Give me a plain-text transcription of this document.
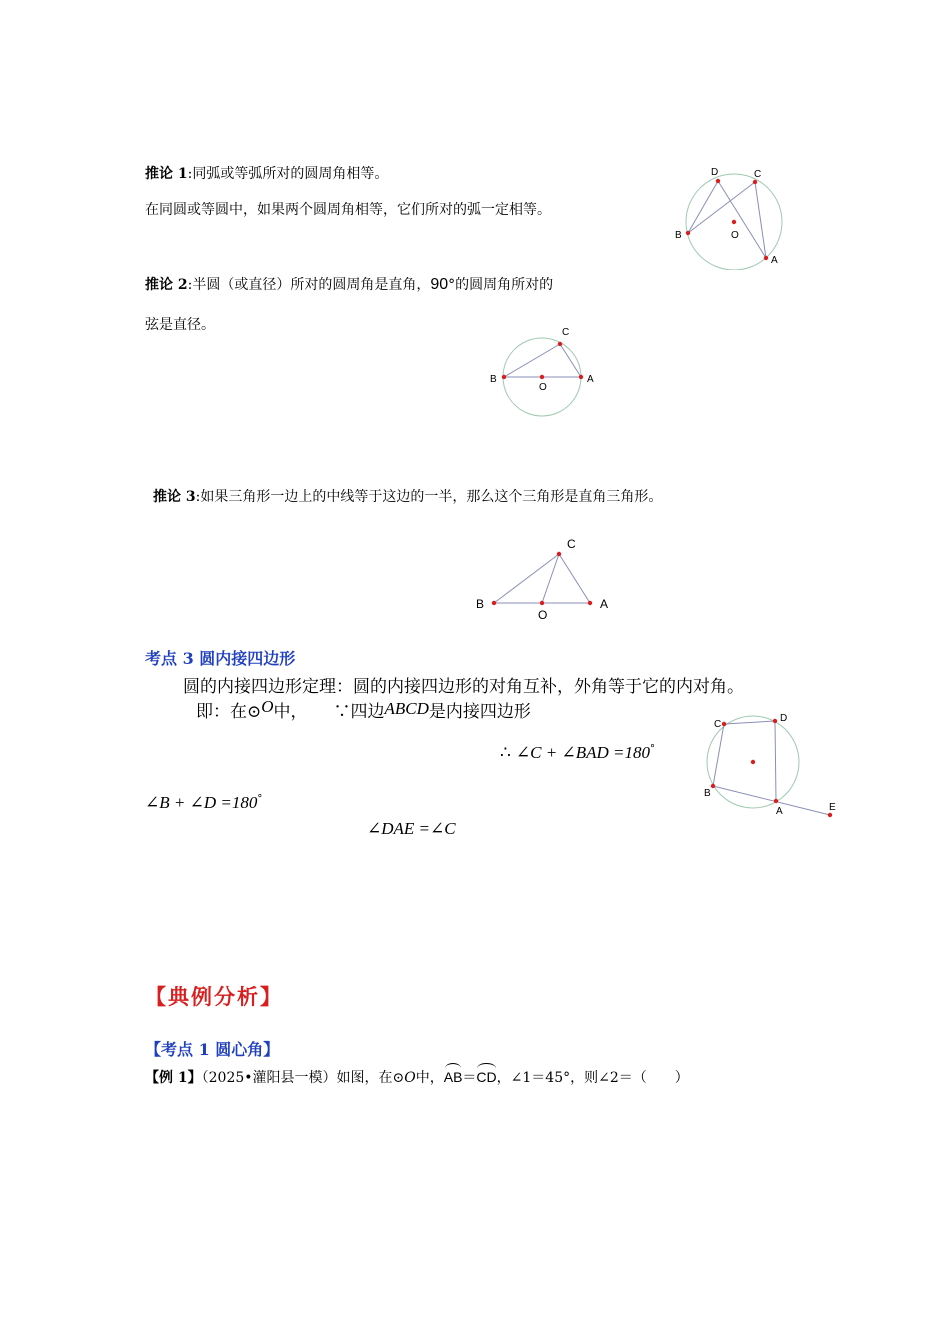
推论 1:同弧或等弧所对的圆周角相等。
在同圆或等圆中，如果两个圆周角相等，它们所对的弧一定相等。
D	C
B	O
A
推论 2:半圆（或直径）所对的圆周角是直角，90°的圆周角所对的
弦是直径。	C
B
O
A
推论 3:如果三角形一边上的中线等于这边的一半，那么这个三角形是直角三角形。
C
B
O
A
考点 3 圆内接四边形
圆的内接四边形定理：圆的内接四边形的对角互补，外角等于它的内对角。
即：在⊙O中， ∵四边ABCD是内接四边形
∴ ∠C + ∠BAD =180°
∠B + ∠D =180°
∠DAE =∠C
C
D
B
A	E
【典例分析】
【考点 1 圆心角】
【例 1】（2025•灌阳县一模）如图，在⊙O中，AB＝CD，∠1＝45°，则∠2＝（　　）
